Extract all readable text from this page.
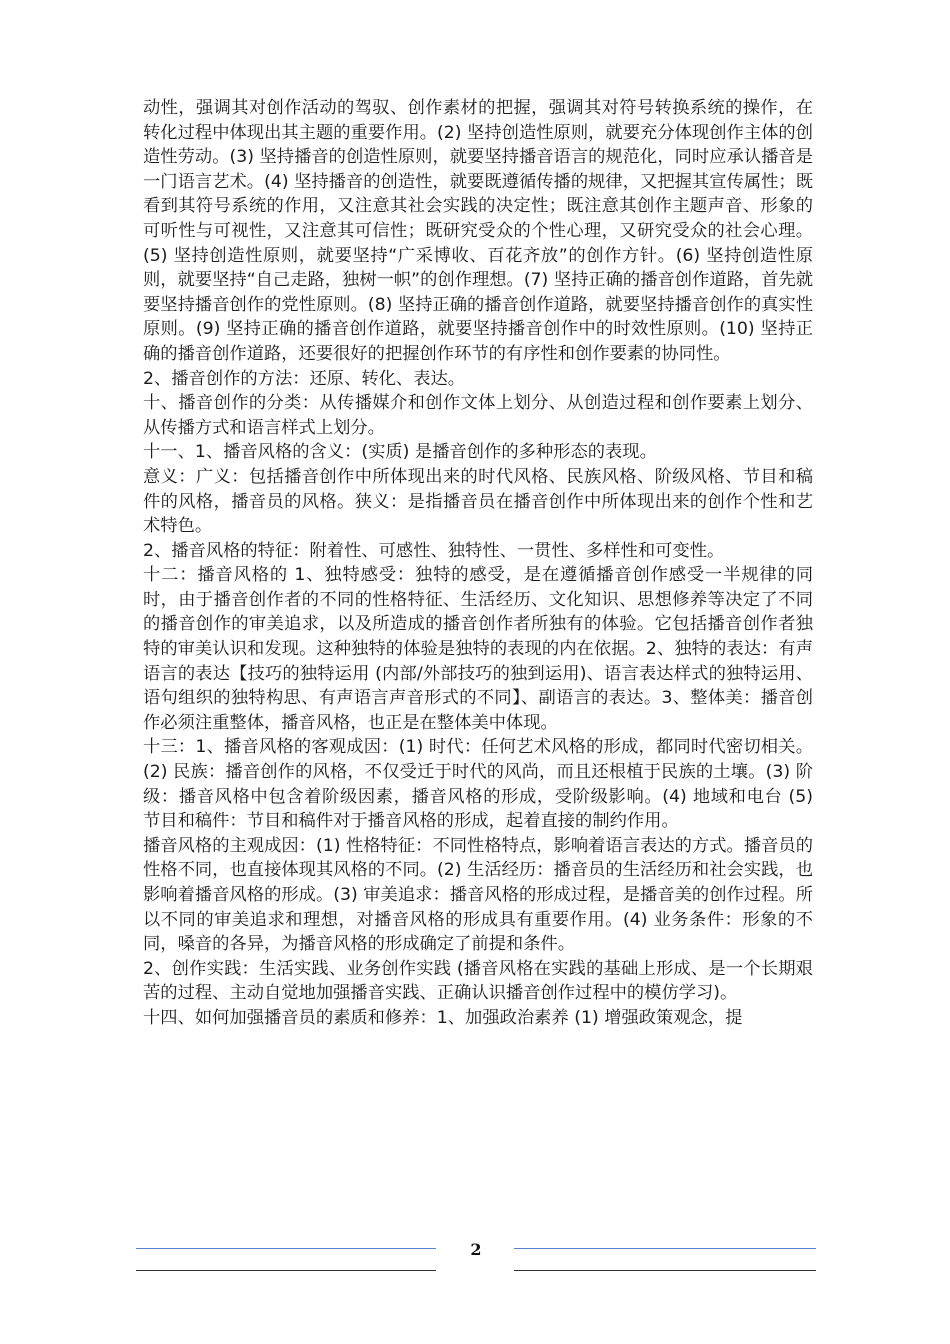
动性，强调其对创作活动的驾驭、创作素材的把握，强调其对符号转换系统的操作，在转化过程中体现出其主题的重要作用。(2) 坚持创造性原则，就要充分体现创作主体的创造性劳动。(3) 坚持播音的创造性原则，就要坚持播音语言的规范化，同时应承认播音是一门语言艺术。(4) 坚持播音的创造性，就要既遵循传播的规律，又把握其宣传属性；既看到其符号系统的作用，又注意其社会实践的决定性；既注意其创作主题声音、形象的可听性与可视性，又注意其可信性；既研究受众的个性心理，又研究受众的社会心理。(5) 坚持创造性原则，就要坚持“广采博收、百花齐放”的创作方针。(6) 坚持创造性原则，就要坚持“自己走路，独树一帜”的创作理想。(7) 坚持正确的播音创作道路，首先就要坚持播音创作的党性原则。(8) 坚持正确的播音创作道路，就要坚持播音创作的真实性原则。(9) 坚持正确的播音创作道路，就要坚持播音创作中的时效性原则。(10) 坚持正确的播音创作道路，还要很好的把握创作环节的有序性和创作要素的协同性。

2、播音创作的方法：还原、转化、表达。

十、播音创作的分类：从传播媒介和创作文体上划分、从创造过程和创作要素上划分、从传播方式和语言样式上划分。

十一、1、播音风格的含义：(实质) 是播音创作的多种形态的表现。

意义：广义：包括播音创作中所体现出来的时代风格、民族风格、阶级风格、节目和稿件的风格，播音员的风格。狭义：是指播音员在播音创作中所体现出来的创作个性和艺术特色。

2、播音风格的特征：附着性、可感性、独特性、一贯性、多样性和可变性。

十二：播音风格的 1、独特感受：独特的感受，是在遵循播音创作感受一半规律的同时，由于播音创作者的不同的性格特征、生活经历、文化知识、思想修养等决定了不同的播音创作的审美追求，以及所造成的播音创作者所独有的体验。它包括播音创作者独特的审美认识和发现。这种独特的体验是独特的表现的内在依据。2、独特的表达：有声语言的表达【技巧的独特运用 (内部/外部技巧的独到运用)、语言表达样式的独特运用、语句组织的独特构思、有声语言声音形式的不同】、副语言的表达。3、整体美：播音创作必须注重整体，播音风格，也正是在整体美中体现。

十三：1、播音风格的客观成因：(1) 时代：任何艺术风格的形成，都同时代密切相关。(2) 民族：播音创作的风格，不仅受迁于时代的风尚，而且还根植于民族的土壤。(3) 阶级：播音风格中包含着阶级因素，播音风格的形成，受阶级影响。(4) 地域和电台 (5) 节目和稿件：节目和稿件对于播音风格的形成，起着直接的制约作用。

播音风格的主观成因：(1) 性格特征：不同性格特点，影响着语言表达的方式。播音员的性格不同，也直接体现其风格的不同。(2) 生活经历：播音员的生活经历和社会实践，也影响着播音风格的形成。(3) 审美追求：播音风格的形成过程，是播音美的创作过程。所以不同的审美追求和理想，对播音风格的形成具有重要作用。(4) 业务条件：形象的不同，嗓音的各异，为播音风格的形成确定了前提和条件。

2、创作实践：生活实践、业务创作实践 (播音风格在实践的基础上形成、是一个长期艰苦的过程、主动自觉地加强播音实践、正确认识播音创作过程中的模仿学习)。

十四、如何加强播音员的素质和修养：1、加强政治素养 (1) 增强政策观念，提

2
